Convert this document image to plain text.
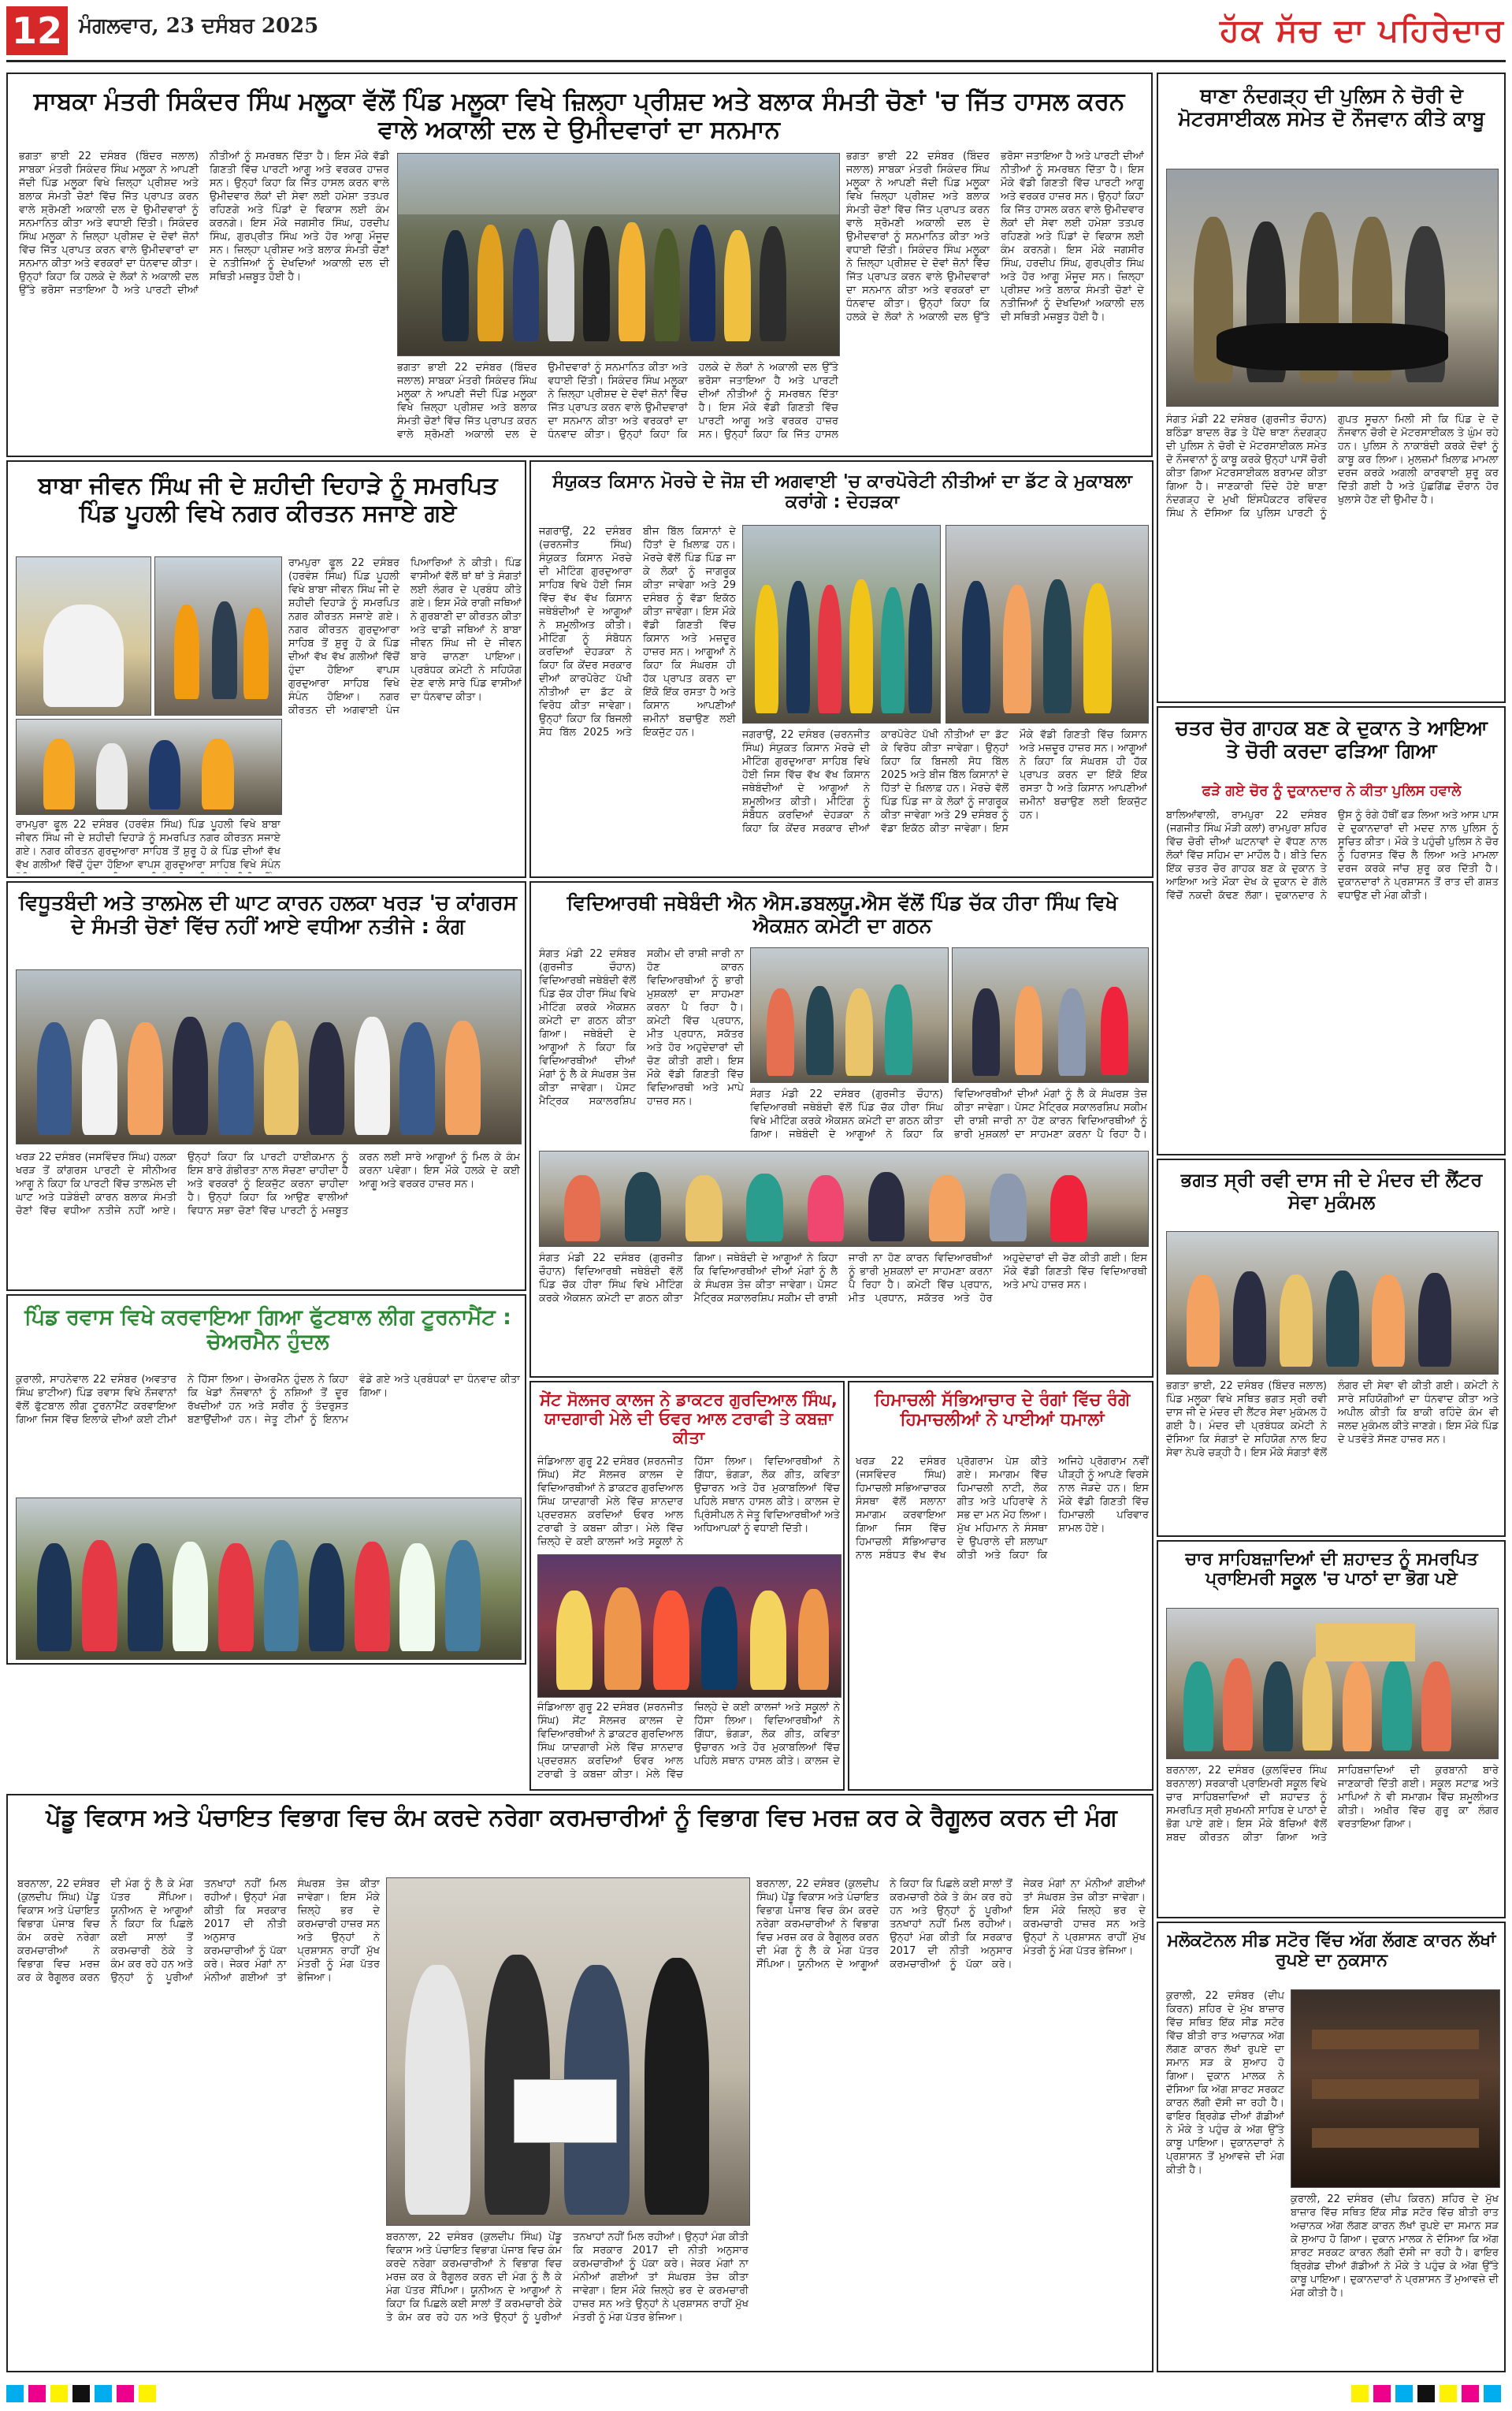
12 ਮੰਗਲਵਾਰ, 23 ਦਸੰਬਰ 2025	ਹੱਕ ਸੱਚ ਦਾ ਪਹਿਰੇਦਾਰ
ਸਾਬਕਾ ਮੰਤਰੀ ਸਿਕੰਦਰ ਸਿੰਘ ਮਲੂਕਾ ਵੱਲੋਂ ਪਿੰਡ ਮਲੂਕਾ ਵਿਖੇ ਜ਼ਿਲ੍ਹਾ ਪ੍ਰੀਸ਼ਦ ਅਤੇ ਬਲਾਕ ਸੰਮਤੀ ਚੋਣਾਂ 'ਚ ਜਿੱਤ ਹਾਸਲ ਕਰਨ ਵਾਲੇ ਅਕਾਲੀ ਦਲ ਦੇ ਉਮੀਦਵਾਰਾਂ ਦਾ ਸਨਮਾਨ
ਭਗਤਾ ਭਾਈ 22 ਦਸੰਬਰ (ਬਿੰਦਰ ਜਲਾਲ) ਸਾਬਕਾ ਮੰਤਰੀ ਸਿਕੰਦਰ ਸਿੰਘ ਮਲੂਕਾ ਨੇ ਆਪਣੀ ਜੱਦੀ ਪਿੰਡ ਮਲੂਕਾ ਵਿਖੇ ਜ਼ਿਲ੍ਹਾ ਪ੍ਰੀਸ਼ਦ ਅਤੇ ਬਲਾਕ ਸੰਮਤੀ ਚੋਣਾਂ ਵਿੱਚ ਜਿੱਤ ਪ੍ਰਾਪਤ ਕਰਨ ਵਾਲੇ ਸ਼੍ਰੋਮਣੀ ਅਕਾਲੀ ਦਲ ਦੇ ਉਮੀਦਵਾਰਾਂ ਨੂੰ ਸਨਮਾਨਿਤ ਕੀਤਾ ਅਤੇ ਵਧਾਈ ਦਿੱਤੀ। ਸਿਕੰਦਰ ਸਿੰਘ ਮਲੂਕਾ ਨੇ ਜ਼ਿਲ੍ਹਾ ਪ੍ਰੀਸ਼ਦ ਦੇ ਦੋਵਾਂ ਜ਼ੋਨਾਂ ਵਿੱਚ ਜਿੱਤ ਪ੍ਰਾਪਤ ਕਰਨ ਵਾਲੇ ਉਮੀਦਵਾਰਾਂ ਦਾ ਸਨਮਾਨ ਕੀਤਾ ਅਤੇ ਵਰਕਰਾਂ ਦਾ ਧੰਨਵਾਦ ਕੀਤਾ। ਉਨ੍ਹਾਂ ਕਿਹਾ ਕਿ ਹਲਕੇ ਦੇ ਲੋਕਾਂ ਨੇ ਅਕਾਲੀ ਦਲ ਉੱਤੇ ਭਰੋਸਾ ਜਤਾਇਆ ਹੈ ਅਤੇ ਪਾਰਟੀ ਦੀਆਂ ਨੀਤੀਆਂ ਨੂੰ ਸਮਰਥਨ ਦਿੱਤਾ ਹੈ। ਇਸ ਮੌਕੇ ਵੱਡੀ ਗਿਣਤੀ ਵਿੱਚ ਪਾਰਟੀ ਆਗੂ ਅਤੇ ਵਰਕਰ ਹਾਜ਼ਰ ਸਨ। ਉਨ੍ਹਾਂ ਕਿਹਾ ਕਿ ਜਿੱਤ ਹਾਸਲ ਕਰਨ ਵਾਲੇ ਉਮੀਦਵਾਰ ਲੋਕਾਂ ਦੀ ਸੇਵਾ ਲਈ ਹਮੇਸ਼ਾ ਤਤਪਰ ਰਹਿਣਗੇ ਅਤੇ ਪਿੰਡਾਂ ਦੇ ਵਿਕਾਸ ਲਈ ਕੰਮ ਕਰਨਗੇ। ਇਸ ਮੌਕੇ ਜਗਸੀਰ ਸਿੰਘ, ਹਰਦੀਪ ਸਿੰਘ, ਗੁਰਪ੍ਰੀਤ ਸਿੰਘ ਅਤੇ ਹੋਰ ਆਗੂ ਮੌਜੂਦ ਸਨ। ਜ਼ਿਲ੍ਹਾ ਪ੍ਰੀਸ਼ਦ ਅਤੇ ਬਲਾਕ ਸੰਮਤੀ ਚੋਣਾਂ ਦੇ ਨਤੀਜਿਆਂ ਨੂੰ ਦੇਖਦਿਆਂ ਅਕਾਲੀ ਦਲ ਦੀ ਸਥਿਤੀ ਮਜ਼ਬੂਤ ਹੋਈ ਹੈ।
ਭਗਤਾ ਭਾਈ 22 ਦਸੰਬਰ (ਬਿੰਦਰ ਜਲਾਲ) ਸਾਬਕਾ ਮੰਤਰੀ ਸਿਕੰਦਰ ਸਿੰਘ ਮਲੂਕਾ ਨੇ ਆਪਣੀ ਜੱਦੀ ਪਿੰਡ ਮਲੂਕਾ ਵਿਖੇ ਜ਼ਿਲ੍ਹਾ ਪ੍ਰੀਸ਼ਦ ਅਤੇ ਬਲਾਕ ਸੰਮਤੀ ਚੋਣਾਂ ਵਿੱਚ ਜਿੱਤ ਪ੍ਰਾਪਤ ਕਰਨ ਵਾਲੇ ਸ਼੍ਰੋਮਣੀ ਅਕਾਲੀ ਦਲ ਦੇ ਉਮੀਦਵਾਰਾਂ ਨੂੰ ਸਨਮਾਨਿਤ ਕੀਤਾ ਅਤੇ ਵਧਾਈ ਦਿੱਤੀ। ਸਿਕੰਦਰ ਸਿੰਘ ਮਲੂਕਾ ਨੇ ਜ਼ਿਲ੍ਹਾ ਪ੍ਰੀਸ਼ਦ ਦੇ ਦੋਵਾਂ ਜ਼ੋਨਾਂ ਵਿੱਚ ਜਿੱਤ ਪ੍ਰਾਪਤ ਕਰਨ ਵਾਲੇ ਉਮੀਦਵਾਰਾਂ ਦਾ ਸਨਮਾਨ ਕੀਤਾ ਅਤੇ ਵਰਕਰਾਂ ਦਾ ਧੰਨਵਾਦ ਕੀਤਾ। ਉਨ੍ਹਾਂ ਕਿਹਾ ਕਿ ਹਲਕੇ ਦੇ ਲੋਕਾਂ ਨੇ ਅਕਾਲੀ ਦਲ ਉੱਤੇ ਭਰੋਸਾ ਜਤਾਇਆ ਹੈ ਅਤੇ ਪਾਰਟੀ ਦੀਆਂ ਨੀਤੀਆਂ ਨੂੰ ਸਮਰਥਨ ਦਿੱਤਾ ਹੈ। ਇਸ ਮੌਕੇ ਵੱਡੀ ਗਿਣਤੀ ਵਿੱਚ ਪਾਰਟੀ ਆਗੂ ਅਤੇ ਵਰਕਰ ਹਾਜ਼ਰ ਸਨ। ਉਨ੍ਹਾਂ ਕਿਹਾ ਕਿ ਜਿੱਤ ਹਾਸਲ ਕਰਨ ਵਾਲੇ ਉਮੀਦਵਾਰ ਲੋਕਾਂ ਦੀ ਸੇਵਾ ਲਈ ਹਮੇਸ਼ਾ ਤਤਪਰ ਰਹਿਣਗੇ ਅਤੇ ਪਿੰਡਾਂ ਦੇ ਵਿਕਾਸ ਲਈ ਕੰਮ ਕਰਨਗੇ। ਇਸ ਮੌਕੇ ਜਗਸੀਰ ਸਿੰਘ, ਹਰਦੀਪ ਸਿੰਘ, ਗੁਰਪ੍ਰੀਤ ਸਿੰਘ ਅਤੇ ਹੋਰ ਆਗੂ ਮੌਜੂਦ ਸਨ। ਜ਼ਿਲ੍ਹਾ ਪ੍ਰੀਸ਼ਦ ਅਤੇ ਬਲਾਕ ਸੰਮਤੀ ਚੋਣਾਂ ਦੇ ਨਤੀਜਿਆਂ ਨੂੰ ਦੇਖਦਿਆਂ ਅਕਾਲੀ ਦਲ ਦੀ ਸਥਿਤੀ ਮਜ਼ਬੂਤ ਹੋਈ ਹੈ।
ਭਗਤਾ ਭਾਈ 22 ਦਸੰਬਰ (ਬਿੰਦਰ ਜਲਾਲ) ਸਾਬਕਾ ਮੰਤਰੀ ਸਿਕੰਦਰ ਸਿੰਘ ਮਲੂਕਾ ਨੇ ਆਪਣੀ ਜੱਦੀ ਪਿੰਡ ਮਲੂਕਾ ਵਿਖੇ ਜ਼ਿਲ੍ਹਾ ਪ੍ਰੀਸ਼ਦ ਅਤੇ ਬਲਾਕ ਸੰਮਤੀ ਚੋਣਾਂ ਵਿੱਚ ਜਿੱਤ ਪ੍ਰਾਪਤ ਕਰਨ ਵਾਲੇ ਸ਼੍ਰੋਮਣੀ ਅਕਾਲੀ ਦਲ ਦੇ ਉਮੀਦਵਾਰਾਂ ਨੂੰ ਸਨਮਾਨਿਤ ਕੀਤਾ ਅਤੇ ਵਧਾਈ ਦਿੱਤੀ। ਸਿਕੰਦਰ ਸਿੰਘ ਮਲੂਕਾ ਨੇ ਜ਼ਿਲ੍ਹਾ ਪ੍ਰੀਸ਼ਦ ਦੇ ਦੋਵਾਂ ਜ਼ੋਨਾਂ ਵਿੱਚ ਜਿੱਤ ਪ੍ਰਾਪਤ ਕਰਨ ਵਾਲੇ ਉਮੀਦਵਾਰਾਂ ਦਾ ਸਨਮਾਨ ਕੀਤਾ ਅਤੇ ਵਰਕਰਾਂ ਦਾ ਧੰਨਵਾਦ ਕੀਤਾ। ਉਨ੍ਹਾਂ ਕਿਹਾ ਕਿ ਹਲਕੇ ਦੇ ਲੋਕਾਂ ਨੇ ਅਕਾਲੀ ਦਲ ਉੱਤੇ ਭਰੋਸਾ ਜਤਾਇਆ ਹੈ ਅਤੇ ਪਾਰਟੀ ਦੀਆਂ ਨੀਤੀਆਂ ਨੂੰ ਸਮਰਥਨ ਦਿੱਤਾ ਹੈ। ਇਸ ਮੌਕੇ ਵੱਡੀ ਗਿਣਤੀ ਵਿੱਚ ਪਾਰਟੀ ਆਗੂ ਅਤੇ ਵਰਕਰ ਹਾਜ਼ਰ ਸਨ। ਉਨ੍ਹਾਂ ਕਿਹਾ ਕਿ ਜਿੱਤ ਹਾਸਲ
ਥਾਣਾ ਨੰਦਗੜ੍ਹ ਦੀ ਪੁਲਿਸ ਨੇ ਚੋਰੀ ਦੇ ਮੋਟਰਸਾਈਕਲ ਸਮੇਤ ਦੋ ਨੌਜਵਾਨ ਕੀਤੇ ਕਾਬੂ
ਸੰਗਤ ਮੰਡੀ 22 ਦਸੰਬਰ (ਗੁਰਜੀਤ ਚੌਹਾਨ) ਬਠਿੰਡਾ ਬਾਦਲ ਰੋਡ ਤੇ ਪੈਂਦੇ ਥਾਣਾ ਨੰਦਗੜ੍ਹ ਦੀ ਪੁਲਿਸ ਨੇ ਚੋਰੀ ਦੇ ਮੋਟਰਸਾਈਕਲ ਸਮੇਤ ਦੋ ਨੌਜਵਾਨਾਂ ਨੂੰ ਕਾਬੂ ਕਰਕੇ ਉਨ੍ਹਾਂ ਪਾਸੋਂ ਚੋਰੀ ਕੀਤਾ ਗਿਆ ਮੋਟਰਸਾਈਕਲ ਬਰਾਮਦ ਕੀਤਾ ਗਿਆ ਹੈ। ਜਾਣਕਾਰੀ ਦਿੰਦੇ ਹੋਏ ਥਾਣਾ ਨੰਦਗੜ੍ਹ ਦੇ ਮੁਖੀ ਇੰਸਪੈਕਟਰ ਰਵਿੰਦਰ ਸਿੰਘ ਨੇ ਦੱਸਿਆ ਕਿ ਪੁਲਿਸ ਪਾਰਟੀ ਨੂੰ ਗੁਪਤ ਸੂਚਨਾ ਮਿਲੀ ਸੀ ਕਿ ਪਿੰਡ ਦੇ ਦੋ ਨੌਜਵਾਨ ਚੋਰੀ ਦੇ ਮੋਟਰਸਾਈਕਲ ਤੇ ਘੁੰਮ ਰਹੇ ਹਨ। ਪੁਲਿਸ ਨੇ ਨਾਕਾਬੰਦੀ ਕਰਕੇ ਦੋਵਾਂ ਨੂੰ ਕਾਬੂ ਕਰ ਲਿਆ। ਮੁਲਜ਼ਮਾਂ ਖ਼ਿਲਾਫ਼ ਮਾਮਲਾ ਦਰਜ ਕਰਕੇ ਅਗਲੀ ਕਾਰਵਾਈ ਸ਼ੁਰੂ ਕਰ ਦਿੱਤੀ ਗਈ ਹੈ ਅਤੇ ਪੁੱਛਗਿੱਛ ਦੌਰਾਨ ਹੋਰ ਖੁਲਾਸੇ ਹੋਣ ਦੀ ਉਮੀਦ ਹੈ।
ਬਾਬਾ ਜੀਵਨ ਸਿੰਘ ਜੀ ਦੇ ਸ਼ਹੀਦੀ ਦਿਹਾੜੇ ਨੂੰ ਸਮਰਪਿਤ ਪਿੰਡ ਪੂਹਲੀ ਵਿਖੇ ਨਗਰ ਕੀਰਤਨ ਸਜਾਏ ਗਏ
ਰਾਮਪੁਰਾ ਫੂਲ 22 ਦਸੰਬਰ (ਹਰਵੰਸ਼ ਸਿੰਘ) ਪਿੰਡ ਪੂਹਲੀ ਵਿਖੇ ਬਾਬਾ ਜੀਵਨ ਸਿੰਘ ਜੀ ਦੇ ਸ਼ਹੀਦੀ ਦਿਹਾੜੇ ਨੂੰ ਸਮਰਪਿਤ ਨਗਰ ਕੀਰਤਨ ਸਜਾਏ ਗਏ। ਨਗਰ ਕੀਰਤਨ ਗੁਰਦੁਆਰਾ ਸਾਹਿਬ ਤੋਂ ਸ਼ੁਰੂ ਹੋ ਕੇ ਪਿੰਡ ਦੀਆਂ ਵੱਖ ਵੱਖ ਗਲੀਆਂ ਵਿੱਚੋਂ ਹੁੰਦਾ ਹੋਇਆ ਵਾਪਸ ਗੁਰਦੁਆਰਾ ਸਾਹਿਬ ਵਿਖੇ ਸੰਪੰਨ
ਰਾਮਪੁਰਾ ਫੂਲ 22 ਦਸੰਬਰ (ਹਰਵੰਸ਼ ਸਿੰਘ) ਪਿੰਡ ਪੂਹਲੀ ਵਿਖੇ ਬਾਬਾ ਜੀਵਨ ਸਿੰਘ ਜੀ ਦੇ ਸ਼ਹੀਦੀ ਦਿਹਾੜੇ ਨੂੰ ਸਮਰਪਿਤ ਨਗਰ ਕੀਰਤਨ ਸਜਾਏ ਗਏ। ਨਗਰ ਕੀਰਤਨ ਗੁਰਦੁਆਰਾ ਸਾਹਿਬ ਤੋਂ ਸ਼ੁਰੂ ਹੋ ਕੇ ਪਿੰਡ ਦੀਆਂ ਵੱਖ ਵੱਖ ਗਲੀਆਂ ਵਿੱਚੋਂ ਹੁੰਦਾ ਹੋਇਆ ਵਾਪਸ ਗੁਰਦੁਆਰਾ ਸਾਹਿਬ ਵਿਖੇ ਸੰਪੰਨ ਹੋਇਆ। ਨਗਰ ਕੀਰਤਨ ਦੀ ਅਗਵਾਈ ਪੰਜ ਪਿਆਰਿਆਂ ਨੇ ਕੀਤੀ। ਪਿੰਡ ਵਾਸੀਆਂ ਵੱਲੋਂ ਥਾਂ ਥਾਂ ਤੇ ਸੰਗਤਾਂ ਲਈ ਲੰਗਰ ਦੇ ਪ੍ਰਬੰਧ ਕੀਤੇ ਗਏ। ਇਸ ਮੌਕੇ ਰਾਗੀ ਜਥਿਆਂ ਨੇ ਗੁਰਬਾਣੀ ਦਾ ਕੀਰਤਨ ਕੀਤਾ ਅਤੇ ਢਾਡੀ ਜਥਿਆਂ ਨੇ ਬਾਬਾ ਜੀਵਨ ਸਿੰਘ ਜੀ ਦੇ ਜੀਵਨ ਬਾਰੇ ਚਾਨਣਾ ਪਾਇਆ। ਪ੍ਰਬੰਧਕ ਕਮੇਟੀ ਨੇ ਸਹਿਯੋਗ ਦੇਣ ਵਾਲੇ ਸਾਰੇ ਪਿੰਡ ਵਾਸੀਆਂ ਦਾ ਧੰਨਵਾਦ ਕੀਤਾ।
ਸੰਯੁਕਤ ਕਿਸਾਨ ਮੋਰਚੇ ਦੇ ਜੋਸ਼ ਦੀ ਅਗਵਾਈ 'ਚ ਕਾਰਪੋਰੇਟੀ ਨੀਤੀਆਂ ਦਾ ਡੱਟ ਕੇ ਮੁਕਾਬਲਾ ਕਰਾਂਗੇ : ਦੇਹੜਕਾ
ਜਗਰਾਉਂ, 22 ਦਸੰਬਰ (ਚਰਨਜੀਤ ਸਿੰਘ) ਸੰਯੁਕਤ ਕਿਸਾਨ ਮੋਰਚੇ ਦੀ ਮੀਟਿੰਗ ਗੁਰਦੁਆਰਾ ਸਾਹਿਬ ਵਿਖੇ ਹੋਈ ਜਿਸ ਵਿੱਚ ਵੱਖ ਵੱਖ ਕਿਸਾਨ ਜਥੇਬੰਦੀਆਂ ਦੇ ਆਗੂਆਂ ਨੇ ਸ਼ਮੂਲੀਅਤ ਕੀਤੀ। ਮੀਟਿੰਗ ਨੂੰ ਸੰਬੋਧਨ ਕਰਦਿਆਂ ਦੇਹੜਕਾ ਨੇ ਕਿਹਾ ਕਿ ਕੇਂਦਰ ਸਰਕਾਰ ਦੀਆਂ ਕਾਰਪੋਰੇਟ ਪੱਖੀ ਨੀਤੀਆਂ ਦਾ ਡੱਟ ਕੇ ਵਿਰੋਧ ਕੀਤਾ ਜਾਵੇਗਾ। ਉਨ੍ਹਾਂ ਕਿਹਾ ਕਿ ਬਿਜਲੀ ਸੋਧ ਬਿੱਲ 2025 ਅਤੇ ਬੀਜ ਬਿੱਲ ਕਿਸਾਨਾਂ ਦੇ ਹਿੱਤਾਂ ਦੇ ਖ਼ਿਲਾਫ਼ ਹਨ। ਮੋਰਚੇ ਵੱਲੋਂ ਪਿੰਡ ਪਿੰਡ ਜਾ ਕੇ ਲੋਕਾਂ ਨੂੰ ਜਾਗਰੂਕ ਕੀਤਾ ਜਾਵੇਗਾ ਅਤੇ 29 ਦਸੰਬਰ ਨੂੰ ਵੱਡਾ ਇਕੱਠ ਕੀਤਾ ਜਾਵੇਗਾ। ਇਸ ਮੌਕੇ ਵੱਡੀ ਗਿਣਤੀ ਵਿੱਚ ਕਿਸਾਨ ਅਤੇ ਮਜ਼ਦੂਰ ਹਾਜ਼ਰ ਸਨ। ਆਗੂਆਂ ਨੇ ਕਿਹਾ ਕਿ ਸੰਘਰਸ਼ ਹੀ ਹੱਕ ਪ੍ਰਾਪਤ ਕਰਨ ਦਾ ਇੱਕੋ ਇੱਕ ਰਸਤਾ ਹੈ ਅਤੇ ਕਿਸਾਨ ਆਪਣੀਆਂ ਜ਼ਮੀਨਾਂ ਬਚਾਉਣ ਲਈ ਇਕਜੁੱਟ ਹਨ।	ਜਗਰਾਉਂ, 22 ਦਸੰਬਰ (ਚਰਨਜੀਤ ਸਿੰਘ) ਸੰਯੁਕਤ ਕਿਸਾਨ ਮੋਰਚੇ ਦੀ ਮੀਟਿੰਗ ਗੁਰਦੁਆਰਾ ਸਾਹਿਬ ਵਿਖੇ ਹੋਈ ਜਿਸ ਵਿੱਚ ਵੱਖ ਵੱਖ ਕਿਸਾਨ ਜਥੇਬੰਦੀਆਂ ਦੇ ਆਗੂਆਂ ਨੇ ਸ਼ਮੂਲੀਅਤ ਕੀਤੀ। ਮੀਟਿੰਗ ਨੂੰ ਸੰਬੋਧਨ ਕਰਦਿਆਂ ਦੇਹੜਕਾ ਨੇ ਕਿਹਾ ਕਿ ਕੇਂਦਰ ਸਰਕਾਰ ਦੀਆਂ ਕਾਰਪੋਰੇਟ ਪੱਖੀ ਨੀਤੀਆਂ ਦਾ ਡੱਟ ਕੇ ਵਿਰੋਧ ਕੀਤਾ ਜਾਵੇਗਾ। ਉਨ੍ਹਾਂ ਕਿਹਾ ਕਿ ਬਿਜਲੀ ਸੋਧ ਬਿੱਲ 2025 ਅਤੇ ਬੀਜ ਬਿੱਲ ਕਿਸਾਨਾਂ ਦੇ ਹਿੱਤਾਂ ਦੇ ਖ਼ਿਲਾਫ਼ ਹਨ। ਮੋਰਚੇ ਵੱਲੋਂ ਪਿੰਡ ਪਿੰਡ ਜਾ ਕੇ ਲੋਕਾਂ ਨੂੰ ਜਾਗਰੂਕ ਕੀਤਾ ਜਾਵੇਗਾ ਅਤੇ 29 ਦਸੰਬਰ ਨੂੰ ਵੱਡਾ ਇਕੱਠ ਕੀਤਾ ਜਾਵੇਗਾ। ਇਸ ਮੌਕੇ ਵੱਡੀ ਗਿਣਤੀ ਵਿੱਚ ਕਿਸਾਨ ਅਤੇ ਮਜ਼ਦੂਰ ਹਾਜ਼ਰ ਸਨ। ਆਗੂਆਂ ਨੇ ਕਿਹਾ ਕਿ ਸੰਘਰਸ਼ ਹੀ ਹੱਕ ਪ੍ਰਾਪਤ ਕਰਨ ਦਾ ਇੱਕੋ ਇੱਕ ਰਸਤਾ ਹੈ ਅਤੇ ਕਿਸਾਨ ਆਪਣੀਆਂ ਜ਼ਮੀਨਾਂ ਬਚਾਉਣ ਲਈ ਇਕਜੁੱਟ ਹਨ।
ਚਤਰ ਚੋਰ ਗਾਹਕ ਬਣ ਕੇ ਦੁਕਾਨ ਤੇ ਆਇਆ ਤੇ ਚੋਰੀ ਕਰਦਾ ਫੜਿਆ ਗਿਆ
ਫੜੇ ਗਏ ਚੋਰ ਨੂੰ ਦੁਕਾਨਦਾਰ ਨੇ ਕੀਤਾ ਪੁਲਿਸ ਹਵਾਲੇ
ਬਾਲਿਆਂਵਾਲੀ, ਰਾਮਪੁਰਾ 22 ਦਸੰਬਰ (ਜਗਜੀਤ ਸਿੰਘ ਮੌੜੀ ਕਲਾਂ) ਰਾਮਪੁਰਾ ਸ਼ਹਿਰ ਵਿੱਚ ਚੋਰੀ ਦੀਆਂ ਘਟਨਾਵਾਂ ਦੇ ਵੱਧਣ ਨਾਲ ਲੋਕਾਂ ਵਿੱਚ ਸਹਿਮ ਦਾ ਮਾਹੌਲ ਹੈ। ਬੀਤੇ ਦਿਨ ਇੱਕ ਚਤਰ ਚੋਰ ਗਾਹਕ ਬਣ ਕੇ ਦੁਕਾਨ ਤੇ ਆਇਆ ਅਤੇ ਮੌਕਾ ਦੇਖ ਕੇ ਦੁਕਾਨ ਦੇ ਗੱਲੇ ਵਿੱਚੋਂ ਨਕਦੀ ਕੱਢਣ ਲੱਗਾ। ਦੁਕਾਨਦਾਰ ਨੇ ਉਸ ਨੂੰ ਰੰਗੇ ਹੱਥੀਂ ਫੜ ਲਿਆ ਅਤੇ ਆਸ ਪਾਸ ਦੇ ਦੁਕਾਨਦਾਰਾਂ ਦੀ ਮਦਦ ਨਾਲ ਪੁਲਿਸ ਨੂੰ ਸੂਚਿਤ ਕੀਤਾ। ਮੌਕੇ ਤੇ ਪਹੁੰਚੀ ਪੁਲਿਸ ਨੇ ਚੋਰ ਨੂੰ ਹਿਰਾਸਤ ਵਿੱਚ ਲੈ ਲਿਆ ਅਤੇ ਮਾਮਲਾ ਦਰਜ ਕਰਕੇ ਜਾਂਚ ਸ਼ੁਰੂ ਕਰ ਦਿੱਤੀ ਹੈ। ਦੁਕਾਨਦਾਰਾਂ ਨੇ ਪ੍ਰਸ਼ਾਸਨ ਤੋਂ ਰਾਤ ਦੀ ਗਸ਼ਤ ਵਧਾਉਣ ਦੀ ਮੰਗ ਕੀਤੀ।
ਭਗਤ ਸ੍ਰੀ ਰਵੀ ਦਾਸ ਜੀ ਦੇ ਮੰਦਰ ਦੀ ਲੈਂਟਰ ਸੇਵਾ ਮੁਕੰਮਲ
ਭਗਤਾ ਭਾਈ, 22 ਦਸੰਬਰ (ਬਿੰਦਰ ਜਲਾਲ) ਪਿੰਡ ਮਲੂਕਾ ਵਿਖੇ ਸਥਿਤ ਭਗਤ ਸ੍ਰੀ ਰਵੀ ਦਾਸ ਜੀ ਦੇ ਮੰਦਰ ਦੀ ਲੈਂਟਰ ਸੇਵਾ ਮੁਕੰਮਲ ਹੋ ਗਈ ਹੈ। ਮੰਦਰ ਦੀ ਪ੍ਰਬੰਧਕ ਕਮੇਟੀ ਨੇ ਦੱਸਿਆ ਕਿ ਸੰਗਤਾਂ ਦੇ ਸਹਿਯੋਗ ਨਾਲ ਇਹ ਸੇਵਾ ਨੇਪਰੇ ਚੜ੍ਹੀ ਹੈ। ਇਸ ਮੌਕੇ ਸੰਗਤਾਂ ਵੱਲੋਂ ਲੰਗਰ ਦੀ ਸੇਵਾ ਵੀ ਕੀਤੀ ਗਈ। ਕਮੇਟੀ ਨੇ ਸਾਰੇ ਸਹਿਯੋਗੀਆਂ ਦਾ ਧੰਨਵਾਦ ਕੀਤਾ ਅਤੇ ਅਪੀਲ ਕੀਤੀ ਕਿ ਬਾਕੀ ਰਹਿੰਦੇ ਕੰਮ ਵੀ ਜਲਦ ਮੁਕੰਮਲ ਕੀਤੇ ਜਾਣਗੇ। ਇਸ ਮੌਕੇ ਪਿੰਡ ਦੇ ਪਤਵੰਤੇ ਸੱਜਣ ਹਾਜ਼ਰ ਸਨ।
ਵਿਧੂਤਬੰਦੀ ਅਤੇ ਤਾਲਮੇਲ ਦੀ ਘਾਟ ਕਾਰਨ ਹਲਕਾ ਖਰੜ 'ਚ ਕਾਂਗਰਸ ਦੇ ਸੰਮਤੀ ਚੋਣਾਂ ਵਿੱਚ ਨਹੀਂ ਆਏ ਵਧੀਆ ਨਤੀਜੇ : ਕੰਗ
ਖਰੜ 22 ਦਸੰਬਰ (ਜਸਵਿੰਦਰ ਸਿੰਘ) ਹਲਕਾ ਖਰੜ ਤੋਂ ਕਾਂਗਰਸ ਪਾਰਟੀ ਦੇ ਸੀਨੀਅਰ ਆਗੂ ਨੇ ਕਿਹਾ ਕਿ ਪਾਰਟੀ ਵਿੱਚ ਤਾਲਮੇਲ ਦੀ ਘਾਟ ਅਤੇ ਧੜੇਬੰਦੀ ਕਾਰਨ ਬਲਾਕ ਸੰਮਤੀ ਚੋਣਾਂ ਵਿੱਚ ਵਧੀਆ ਨਤੀਜੇ ਨਹੀਂ ਆਏ। ਉਨ੍ਹਾਂ ਕਿਹਾ ਕਿ ਪਾਰਟੀ ਹਾਈਕਮਾਨ ਨੂੰ ਇਸ ਬਾਰੇ ਗੰਭੀਰਤਾ ਨਾਲ ਸੋਚਣਾ ਚਾਹੀਦਾ ਹੈ ਅਤੇ ਵਰਕਰਾਂ ਨੂੰ ਇਕਜੁੱਟ ਕਰਨਾ ਚਾਹੀਦਾ ਹੈ। ਉਨ੍ਹਾਂ ਕਿਹਾ ਕਿ ਆਉਣ ਵਾਲੀਆਂ ਵਿਧਾਨ ਸਭਾ ਚੋਣਾਂ ਵਿੱਚ ਪਾਰਟੀ ਨੂੰ ਮਜ਼ਬੂਤ ਕਰਨ ਲਈ ਸਾਰੇ ਆਗੂਆਂ ਨੂੰ ਮਿਲ ਕੇ ਕੰਮ ਕਰਨਾ ਪਵੇਗਾ। ਇਸ ਮੌਕੇ ਹਲਕੇ ਦੇ ਕਈ ਆਗੂ ਅਤੇ ਵਰਕਰ ਹਾਜ਼ਰ ਸਨ।
ਵਿਦਿਆਰਥੀ ਜਥੇਬੰਦੀ ਐਨ ਐਸ.ਡਬਲਯੂ.ਐਸ ਵੱਲੋਂ ਪਿੰਡ ਚੱਕ ਹੀਰਾ ਸਿੰਘ ਵਿਖੇ ਐਕਸ਼ਨ ਕਮੇਟੀ ਦਾ ਗਠਨ
ਸੰਗਤ ਮੰਡੀ 22 ਦਸੰਬਰ (ਗੁਰਜੀਤ ਚੌਹਾਨ) ਵਿਦਿਆਰਥੀ ਜਥੇਬੰਦੀ ਵੱਲੋਂ ਪਿੰਡ ਚੱਕ ਹੀਰਾ ਸਿੰਘ ਵਿਖੇ ਮੀਟਿੰਗ ਕਰਕੇ ਐਕਸ਼ਨ ਕਮੇਟੀ ਦਾ ਗਠਨ ਕੀਤਾ ਗਿਆ। ਜਥੇਬੰਦੀ ਦੇ ਆਗੂਆਂ ਨੇ ਕਿਹਾ ਕਿ ਵਿਦਿਆਰਥੀਆਂ ਦੀਆਂ ਮੰਗਾਂ ਨੂੰ ਲੈ ਕੇ ਸੰਘਰਸ਼ ਤੇਜ਼ ਕੀਤਾ ਜਾਵੇਗਾ। ਪੋਸਟ ਮੈਟ੍ਰਿਕ ਸਕਾਲਰਸ਼ਿਪ ਸਕੀਮ ਦੀ ਰਾਸ਼ੀ ਜਾਰੀ ਨਾ ਹੋਣ ਕਾਰਨ ਵਿਦਿਆਰਥੀਆਂ ਨੂੰ ਭਾਰੀ ਮੁਸ਼ਕਲਾਂ ਦਾ ਸਾਹਮਣਾ ਕਰਨਾ ਪੈ ਰਿਹਾ ਹੈ। ਕਮੇਟੀ ਵਿੱਚ ਪ੍ਰਧਾਨ, ਮੀਤ ਪ੍ਰਧਾਨ, ਸਕੱਤਰ ਅਤੇ ਹੋਰ ਅਹੁਦੇਦਾਰਾਂ ਦੀ ਚੋਣ ਕੀਤੀ ਗਈ। ਇਸ ਮੌਕੇ ਵੱਡੀ ਗਿਣਤੀ ਵਿੱਚ ਵਿਦਿਆਰਥੀ ਅਤੇ ਮਾਪੇ ਹਾਜ਼ਰ ਸਨ।
ਸੰਗਤ ਮੰਡੀ 22 ਦਸੰਬਰ (ਗੁਰਜੀਤ ਚੌਹਾਨ) ਵਿਦਿਆਰਥੀ ਜਥੇਬੰਦੀ ਵੱਲੋਂ ਪਿੰਡ ਚੱਕ ਹੀਰਾ ਸਿੰਘ ਵਿਖੇ ਮੀਟਿੰਗ ਕਰਕੇ ਐਕਸ਼ਨ ਕਮੇਟੀ ਦਾ ਗਠਨ ਕੀਤਾ ਗਿਆ। ਜਥੇਬੰਦੀ ਦੇ ਆਗੂਆਂ ਨੇ ਕਿਹਾ ਕਿ ਵਿਦਿਆਰਥੀਆਂ ਦੀਆਂ ਮੰਗਾਂ ਨੂੰ ਲੈ ਕੇ ਸੰਘਰਸ਼ ਤੇਜ਼ ਕੀਤਾ ਜਾਵੇਗਾ। ਪੋਸਟ ਮੈਟ੍ਰਿਕ ਸਕਾਲਰਸ਼ਿਪ ਸਕੀਮ ਦੀ ਰਾਸ਼ੀ ਜਾਰੀ ਨਾ ਹੋਣ ਕਾਰਨ ਵਿਦਿਆਰਥੀਆਂ ਨੂੰ ਭਾਰੀ ਮੁਸ਼ਕਲਾਂ ਦਾ ਸਾਹਮਣਾ ਕਰਨਾ ਪੈ ਰਿਹਾ ਹੈ।
ਸੰਗਤ ਮੰਡੀ 22 ਦਸੰਬਰ (ਗੁਰਜੀਤ ਚੌਹਾਨ) ਵਿਦਿਆਰਥੀ ਜਥੇਬੰਦੀ ਵੱਲੋਂ ਪਿੰਡ ਚੱਕ ਹੀਰਾ ਸਿੰਘ ਵਿਖੇ ਮੀਟਿੰਗ ਕਰਕੇ ਐਕਸ਼ਨ ਕਮੇਟੀ ਦਾ ਗਠਨ ਕੀਤਾ ਗਿਆ। ਜਥੇਬੰਦੀ ਦੇ ਆਗੂਆਂ ਨੇ ਕਿਹਾ ਕਿ ਵਿਦਿਆਰਥੀਆਂ ਦੀਆਂ ਮੰਗਾਂ ਨੂੰ ਲੈ ਕੇ ਸੰਘਰਸ਼ ਤੇਜ਼ ਕੀਤਾ ਜਾਵੇਗਾ। ਪੋਸਟ ਮੈਟ੍ਰਿਕ ਸਕਾਲਰਸ਼ਿਪ ਸਕੀਮ ਦੀ ਰਾਸ਼ੀ ਜਾਰੀ ਨਾ ਹੋਣ ਕਾਰਨ ਵਿਦਿਆਰਥੀਆਂ ਨੂੰ ਭਾਰੀ ਮੁਸ਼ਕਲਾਂ ਦਾ ਸਾਹਮਣਾ ਕਰਨਾ ਪੈ ਰਿਹਾ ਹੈ। ਕਮੇਟੀ ਵਿੱਚ ਪ੍ਰਧਾਨ, ਮੀਤ ਪ੍ਰਧਾਨ, ਸਕੱਤਰ ਅਤੇ ਹੋਰ ਅਹੁਦੇਦਾਰਾਂ ਦੀ ਚੋਣ ਕੀਤੀ ਗਈ। ਇਸ ਮੌਕੇ ਵੱਡੀ ਗਿਣਤੀ ਵਿੱਚ ਵਿਦਿਆਰਥੀ ਅਤੇ ਮਾਪੇ ਹਾਜ਼ਰ ਸਨ।
ਪਿੰਡ ਰਵਾਸ ਵਿਖੇ ਕਰਵਾਇਆ ਗਿਆ ਫੁੱਟਬਾਲ ਲੀਗ ਟੂਰਨਾਮੈਂਟ : ਚੇਅਰਮੈਨ ਹੁੰਦਲ
ਕੁਰਾਲੀ, ਸਾਹਨੇਵਾਲ 22 ਦਸੰਬਰ (ਅਵਤਾਰ ਸਿੰਘ ਭਾਟੀਆ) ਪਿੰਡ ਰਵਾਸ ਵਿਖੇ ਨੌਜਵਾਨਾਂ ਵੱਲੋਂ ਫੁੱਟਬਾਲ ਲੀਗ ਟੂਰਨਾਮੈਂਟ ਕਰਵਾਇਆ ਗਿਆ ਜਿਸ ਵਿੱਚ ਇਲਾਕੇ ਦੀਆਂ ਕਈ ਟੀਮਾਂ ਨੇ ਹਿੱਸਾ ਲਿਆ। ਚੇਅਰਮੈਨ ਹੁੰਦਲ ਨੇ ਕਿਹਾ ਕਿ ਖੇਡਾਂ ਨੌਜਵਾਨਾਂ ਨੂੰ ਨਸ਼ਿਆਂ ਤੋਂ ਦੂਰ ਰੱਖਦੀਆਂ ਹਨ ਅਤੇ ਸਰੀਰ ਨੂੰ ਤੰਦਰੁਸਤ ਬਣਾਉਂਦੀਆਂ ਹਨ। ਜੇਤੂ ਟੀਮਾਂ ਨੂੰ ਇਨਾਮ ਵੰਡੇ ਗਏ ਅਤੇ ਪ੍ਰਬੰਧਕਾਂ ਦਾ ਧੰਨਵਾਦ ਕੀਤਾ ਗਿਆ।	ਸੇਂਟ ਸੋਲਜਰ ਕਾਲਜ ਨੇ ਡਾਕਟਰ ਗੁਰਦਿਆਲ ਸਿੰਘ, ਯਾਦਗਾਰੀ ਮੇਲੇ ਦੀ ਓਵਰ ਆਲ ਟਰਾਫੀ ਤੇ ਕਬਜ਼ਾ ਕੀਤਾ
ਜੰਡਿਆਲਾ ਗੁਰੂ 22 ਦਸੰਬਰ (ਸ਼ਰਨਜੀਤ ਸਿੰਘ) ਸੇਂਟ ਸੋਲਜਰ ਕਾਲਜ ਦੇ ਵਿਦਿਆਰਥੀਆਂ ਨੇ ਡਾਕਟਰ ਗੁਰਦਿਆਲ ਸਿੰਘ ਯਾਦਗਾਰੀ ਮੇਲੇ ਵਿੱਚ ਸ਼ਾਨਦਾਰ ਪ੍ਰਦਰਸ਼ਨ ਕਰਦਿਆਂ ਓਵਰ ਆਲ ਟਰਾਫੀ ਤੇ ਕਬਜ਼ਾ ਕੀਤਾ। ਮੇਲੇ ਵਿੱਚ ਜ਼ਿਲ੍ਹੇ ਦੇ ਕਈ ਕਾਲਜਾਂ ਅਤੇ ਸਕੂਲਾਂ ਨੇ ਹਿੱਸਾ ਲਿਆ। ਵਿਦਿਆਰਥੀਆਂ ਨੇ ਗਿੱਧਾ, ਭੰਗੜਾ, ਲੋਕ ਗੀਤ, ਕਵਿਤਾ ਉਚਾਰਨ ਅਤੇ ਹੋਰ ਮੁਕਾਬਲਿਆਂ ਵਿੱਚ ਪਹਿਲੇ ਸਥਾਨ ਹਾਸਲ ਕੀਤੇ। ਕਾਲਜ ਦੇ ਪ੍ਰਿੰਸੀਪਲ ਨੇ ਜੇਤੂ ਵਿਦਿਆਰਥੀਆਂ ਅਤੇ ਅਧਿਆਪਕਾਂ ਨੂੰ ਵਧਾਈ ਦਿੱਤੀ।
ਜੰਡਿਆਲਾ ਗੁਰੂ 22 ਦਸੰਬਰ (ਸ਼ਰਨਜੀਤ ਸਿੰਘ) ਸੇਂਟ ਸੋਲਜਰ ਕਾਲਜ ਦੇ ਵਿਦਿਆਰਥੀਆਂ ਨੇ ਡਾਕਟਰ ਗੁਰਦਿਆਲ ਸਿੰਘ ਯਾਦਗਾਰੀ ਮੇਲੇ ਵਿੱਚ ਸ਼ਾਨਦਾਰ ਪ੍ਰਦਰਸ਼ਨ ਕਰਦਿਆਂ ਓਵਰ ਆਲ ਟਰਾਫੀ ਤੇ ਕਬਜ਼ਾ ਕੀਤਾ। ਮੇਲੇ ਵਿੱਚ ਜ਼ਿਲ੍ਹੇ ਦੇ ਕਈ ਕਾਲਜਾਂ ਅਤੇ ਸਕੂਲਾਂ ਨੇ ਹਿੱਸਾ ਲਿਆ। ਵਿਦਿਆਰਥੀਆਂ ਨੇ ਗਿੱਧਾ, ਭੰਗੜਾ, ਲੋਕ ਗੀਤ, ਕਵਿਤਾ ਉਚਾਰਨ ਅਤੇ ਹੋਰ ਮੁਕਾਬਲਿਆਂ ਵਿੱਚ ਪਹਿਲੇ ਸਥਾਨ ਹਾਸਲ ਕੀਤੇ। ਕਾਲਜ ਦੇ
ਹਿਮਾਚਲੀ ਸੱਭਿਆਚਾਰ ਦੇ ਰੰਗਾਂ ਵਿੱਚ ਰੰਗੇ ਹਿਮਾਚਲੀਆਂ ਨੇ ਪਾਈਆਂ ਧਮਾਲਾਂ
ਖਰੜ 22 ਦਸੰਬਰ (ਜਸਵਿੰਦਰ ਸਿੰਘ) ਹਿਮਾਚਲੀ ਸਭਿਆਚਾਰਕ ਸੰਸਥਾ ਵੱਲੋਂ ਸਲਾਨਾ ਸਮਾਗਮ ਕਰਵਾਇਆ ਗਿਆ ਜਿਸ ਵਿੱਚ ਹਿਮਾਚਲੀ ਸੱਭਿਆਚਾਰ ਨਾਲ ਸਬੰਧਤ ਵੱਖ ਵੱਖ ਪ੍ਰੋਗਰਾਮ ਪੇਸ਼ ਕੀਤੇ ਗਏ। ਸਮਾਗਮ ਵਿੱਚ ਹਿਮਾਚਲੀ ਨਾਟੀ, ਲੋਕ ਗੀਤ ਅਤੇ ਪਹਿਰਾਵੇ ਨੇ ਸਭ ਦਾ ਮਨ ਮੋਹ ਲਿਆ। ਮੁੱਖ ਮਹਿਮਾਨ ਨੇ ਸੰਸਥਾ ਦੇ ਉਪਰਾਲੇ ਦੀ ਸ਼ਲਾਘਾ ਕੀਤੀ ਅਤੇ ਕਿਹਾ ਕਿ ਅਜਿਹੇ ਪ੍ਰੋਗਰਾਮ ਨਵੀਂ ਪੀੜ੍ਹੀ ਨੂੰ ਆਪਣੇ ਵਿਰਸੇ ਨਾਲ ਜੋੜਦੇ ਹਨ। ਇਸ ਮੌਕੇ ਵੱਡੀ ਗਿਣਤੀ ਵਿੱਚ ਹਿਮਾਚਲੀ ਪਰਿਵਾਰ ਸ਼ਾਮਲ ਹੋਏ।
ਚਾਰ ਸਾਹਿਬਜ਼ਾਦਿਆਂ ਦੀ ਸ਼ਹਾਦਤ ਨੂੰ ਸਮਰਪਿਤ ਪ੍ਰਾਇਮਰੀ ਸਕੂਲ 'ਚ ਪਾਠਾਂ ਦਾ ਭੋਗ ਪਏ
ਬਰਨਾਲਾ, 22 ਦਸੰਬਰ (ਕੁਲਵਿੰਦਰ ਸਿੰਘ ਬਰਨਾਲਾ) ਸਰਕਾਰੀ ਪ੍ਰਾਇਮਰੀ ਸਕੂਲ ਵਿਖੇ ਚਾਰ ਸਾਹਿਬਜ਼ਾਦਿਆਂ ਦੀ ਸ਼ਹਾਦਤ ਨੂੰ ਸਮਰਪਿਤ ਸ੍ਰੀ ਸੁਖਮਨੀ ਸਾਹਿਬ ਦੇ ਪਾਠਾਂ ਦੇ ਭੋਗ ਪਾਏ ਗਏ। ਇਸ ਮੌਕੇ ਬੱਚਿਆਂ ਵੱਲੋਂ ਸ਼ਬਦ ਕੀਰਤਨ ਕੀਤਾ ਗਿਆ ਅਤੇ ਸਾਹਿਬਜ਼ਾਦਿਆਂ ਦੀ ਕੁਰਬਾਨੀ ਬਾਰੇ ਜਾਣਕਾਰੀ ਦਿੱਤੀ ਗਈ। ਸਕੂਲ ਸਟਾਫ਼ ਅਤੇ ਮਾਪਿਆਂ ਨੇ ਵੀ ਸਮਾਗਮ ਵਿੱਚ ਸ਼ਮੂਲੀਅਤ ਕੀਤੀ। ਅਖ਼ੀਰ ਵਿੱਚ ਗੁਰੂ ਕਾ ਲੰਗਰ ਵਰਤਾਇਆ ਗਿਆ।
ਮਲੋਕਟੋਨਲ ਸੀਡ ਸਟੋਰ ਵਿੱਚ ਅੱਗ ਲੱਗਣ ਕਾਰਨ ਲੱਖਾਂ ਰੁਪਏ ਦਾ ਨੁਕਸਾਨ
ਕੁਰਾਲੀ, 22 ਦਸੰਬਰ (ਦੀਪ ਕਿਰਨ) ਸ਼ਹਿਰ ਦੇ ਮੁੱਖ ਬਾਜ਼ਾਰ ਵਿੱਚ ਸਥਿਤ ਇੱਕ ਸੀਡ ਸਟੋਰ ਵਿੱਚ ਬੀਤੀ ਰਾਤ ਅਚਾਨਕ ਅੱਗ ਲੱਗਣ ਕਾਰਨ ਲੱਖਾਂ ਰੁਪਏ ਦਾ ਸਮਾਨ ਸੜ ਕੇ ਸੁਆਹ ਹੋ ਗਿਆ। ਦੁਕਾਨ ਮਾਲਕ ਨੇ ਦੱਸਿਆ ਕਿ ਅੱਗ ਸ਼ਾਰਟ ਸਰਕਟ ਕਾਰਨ ਲੱਗੀ ਦੱਸੀ ਜਾ ਰਹੀ ਹੈ। ਫਾਇਰ ਬ੍ਰਿਗੇਡ ਦੀਆਂ ਗੱਡੀਆਂ ਨੇ ਮੌਕੇ ਤੇ ਪਹੁੰਚ ਕੇ ਅੱਗ ਉੱਤੇ ਕਾਬੂ ਪਾਇਆ। ਦੁਕਾਨਦਾਰਾਂ ਨੇ ਪ੍ਰਸ਼ਾਸਨ ਤੋਂ ਮੁਆਵਜ਼ੇ ਦੀ ਮੰਗ ਕੀਤੀ ਹੈ।
ਕੁਰਾਲੀ, 22 ਦਸੰਬਰ (ਦੀਪ ਕਿਰਨ) ਸ਼ਹਿਰ ਦੇ ਮੁੱਖ ਬਾਜ਼ਾਰ ਵਿੱਚ ਸਥਿਤ ਇੱਕ ਸੀਡ ਸਟੋਰ ਵਿੱਚ ਬੀਤੀ ਰਾਤ ਅਚਾਨਕ ਅੱਗ ਲੱਗਣ ਕਾਰਨ ਲੱਖਾਂ ਰੁਪਏ ਦਾ ਸਮਾਨ ਸੜ ਕੇ ਸੁਆਹ ਹੋ ਗਿਆ। ਦੁਕਾਨ ਮਾਲਕ ਨੇ ਦੱਸਿਆ ਕਿ ਅੱਗ ਸ਼ਾਰਟ ਸਰਕਟ ਕਾਰਨ ਲੱਗੀ ਦੱਸੀ ਜਾ ਰਹੀ ਹੈ। ਫਾਇਰ ਬ੍ਰਿਗੇਡ ਦੀਆਂ ਗੱਡੀਆਂ ਨੇ ਮੌਕੇ ਤੇ ਪਹੁੰਚ ਕੇ ਅੱਗ ਉੱਤੇ ਕਾਬੂ ਪਾਇਆ। ਦੁਕਾਨਦਾਰਾਂ ਨੇ ਪ੍ਰਸ਼ਾਸਨ ਤੋਂ ਮੁਆਵਜ਼ੇ ਦੀ ਮੰਗ ਕੀਤੀ ਹੈ।
ਪੇਂਡੂ ਵਿਕਾਸ ਅਤੇ ਪੰਚਾਇਤ ਵਿਭਾਗ ਵਿਚ ਕੰਮ ਕਰਦੇ ਨਰੇਗਾ ਕਰਮਚਾਰੀਆਂ ਨੂੰ ਵਿਭਾਗ ਵਿਚ ਮਰਜ਼ ਕਰ ਕੇ ਰੈਗੂਲਰ ਕਰਨ ਦੀ ਮੰਗ
ਬਰਨਾਲਾ, 22 ਦਸੰਬਰ (ਕੁਲਦੀਪ ਸਿੰਘ) ਪੇਂਡੂ ਵਿਕਾਸ ਅਤੇ ਪੰਚਾਇਤ ਵਿਭਾਗ ਪੰਜਾਬ ਵਿਚ ਕੰਮ ਕਰਦੇ ਨਰੇਗਾ ਕਰਮਚਾਰੀਆਂ ਨੇ ਵਿਭਾਗ ਵਿਚ ਮਰਜ਼ ਕਰ ਕੇ ਰੈਗੂਲਰ ਕਰਨ ਦੀ ਮੰਗ ਨੂੰ ਲੈ ਕੇ ਮੰਗ ਪੱਤਰ ਸੌਂਪਿਆ। ਯੂਨੀਅਨ ਦੇ ਆਗੂਆਂ ਨੇ ਕਿਹਾ ਕਿ ਪਿਛਲੇ ਕਈ ਸਾਲਾਂ ਤੋਂ ਕਰਮਚਾਰੀ ਠੇਕੇ ਤੇ ਕੰਮ ਕਰ ਰਹੇ ਹਨ ਅਤੇ ਉਨ੍ਹਾਂ ਨੂੰ ਪੂਰੀਆਂ ਤਨਖਾਹਾਂ ਨਹੀਂ ਮਿਲ ਰਹੀਆਂ। ਉਨ੍ਹਾਂ ਮੰਗ ਕੀਤੀ ਕਿ ਸਰਕਾਰ 2017 ਦੀ ਨੀਤੀ ਅਨੁਸਾਰ ਕਰਮਚਾਰੀਆਂ ਨੂੰ ਪੱਕਾ ਕਰੇ। ਜੇਕਰ ਮੰਗਾਂ ਨਾ ਮੰਨੀਆਂ ਗਈਆਂ ਤਾਂ ਸੰਘਰਸ਼ ਤੇਜ਼ ਕੀਤਾ ਜਾਵੇਗਾ। ਇਸ ਮੌਕੇ ਜ਼ਿਲ੍ਹੇ ਭਰ ਦੇ ਕਰਮਚਾਰੀ ਹਾਜ਼ਰ ਸਨ ਅਤੇ ਉਨ੍ਹਾਂ ਨੇ ਪ੍ਰਸ਼ਾਸਨ ਰਾਹੀਂ ਮੁੱਖ ਮੰਤਰੀ ਨੂੰ ਮੰਗ ਪੱਤਰ ਭੇਜਿਆ।
ਬਰਨਾਲਾ, 22 ਦਸੰਬਰ (ਕੁਲਦੀਪ ਸਿੰਘ) ਪੇਂਡੂ ਵਿਕਾਸ ਅਤੇ ਪੰਚਾਇਤ ਵਿਭਾਗ ਪੰਜਾਬ ਵਿਚ ਕੰਮ ਕਰਦੇ ਨਰੇਗਾ ਕਰਮਚਾਰੀਆਂ ਨੇ ਵਿਭਾਗ ਵਿਚ ਮਰਜ਼ ਕਰ ਕੇ ਰੈਗੂਲਰ ਕਰਨ ਦੀ ਮੰਗ ਨੂੰ ਲੈ ਕੇ ਮੰਗ ਪੱਤਰ ਸੌਂਪਿਆ। ਯੂਨੀਅਨ ਦੇ ਆਗੂਆਂ ਨੇ ਕਿਹਾ ਕਿ ਪਿਛਲੇ ਕਈ ਸਾਲਾਂ ਤੋਂ ਕਰਮਚਾਰੀ ਠੇਕੇ ਤੇ ਕੰਮ ਕਰ ਰਹੇ ਹਨ ਅਤੇ ਉਨ੍ਹਾਂ ਨੂੰ ਪੂਰੀਆਂ ਤਨਖਾਹਾਂ ਨਹੀਂ ਮਿਲ ਰਹੀਆਂ। ਉਨ੍ਹਾਂ ਮੰਗ ਕੀਤੀ ਕਿ ਸਰਕਾਰ 2017 ਦੀ ਨੀਤੀ ਅਨੁਸਾਰ ਕਰਮਚਾਰੀਆਂ ਨੂੰ ਪੱਕਾ ਕਰੇ। ਜੇਕਰ ਮੰਗਾਂ ਨਾ ਮੰਨੀਆਂ ਗਈਆਂ ਤਾਂ ਸੰਘਰਸ਼ ਤੇਜ਼ ਕੀਤਾ ਜਾਵੇਗਾ। ਇਸ ਮੌਕੇ ਜ਼ਿਲ੍ਹੇ ਭਰ ਦੇ ਕਰਮਚਾਰੀ ਹਾਜ਼ਰ ਸਨ ਅਤੇ ਉਨ੍ਹਾਂ ਨੇ ਪ੍ਰਸ਼ਾਸਨ ਰਾਹੀਂ ਮੁੱਖ ਮੰਤਰੀ ਨੂੰ ਮੰਗ ਪੱਤਰ ਭੇਜਿਆ।
ਬਰਨਾਲਾ, 22 ਦਸੰਬਰ (ਕੁਲਦੀਪ ਸਿੰਘ) ਪੇਂਡੂ ਵਿਕਾਸ ਅਤੇ ਪੰਚਾਇਤ ਵਿਭਾਗ ਪੰਜਾਬ ਵਿਚ ਕੰਮ ਕਰਦੇ ਨਰੇਗਾ ਕਰਮਚਾਰੀਆਂ ਨੇ ਵਿਭਾਗ ਵਿਚ ਮਰਜ਼ ਕਰ ਕੇ ਰੈਗੂਲਰ ਕਰਨ ਦੀ ਮੰਗ ਨੂੰ ਲੈ ਕੇ ਮੰਗ ਪੱਤਰ ਸੌਂਪਿਆ। ਯੂਨੀਅਨ ਦੇ ਆਗੂਆਂ ਨੇ ਕਿਹਾ ਕਿ ਪਿਛਲੇ ਕਈ ਸਾਲਾਂ ਤੋਂ ਕਰਮਚਾਰੀ ਠੇਕੇ ਤੇ ਕੰਮ ਕਰ ਰਹੇ ਹਨ ਅਤੇ ਉਨ੍ਹਾਂ ਨੂੰ ਪੂਰੀਆਂ ਤਨਖਾਹਾਂ ਨਹੀਂ ਮਿਲ ਰਹੀਆਂ। ਉਨ੍ਹਾਂ ਮੰਗ ਕੀਤੀ ਕਿ ਸਰਕਾਰ 2017 ਦੀ ਨੀਤੀ ਅਨੁਸਾਰ ਕਰਮਚਾਰੀਆਂ ਨੂੰ ਪੱਕਾ ਕਰੇ। ਜੇਕਰ ਮੰਗਾਂ ਨਾ ਮੰਨੀਆਂ ਗਈਆਂ ਤਾਂ ਸੰਘਰਸ਼ ਤੇਜ਼ ਕੀਤਾ ਜਾਵੇਗਾ। ਇਸ ਮੌਕੇ ਜ਼ਿਲ੍ਹੇ ਭਰ ਦੇ ਕਰਮਚਾਰੀ ਹਾਜ਼ਰ ਸਨ ਅਤੇ ਉਨ੍ਹਾਂ ਨੇ ਪ੍ਰਸ਼ਾਸਨ ਰਾਹੀਂ ਮੁੱਖ ਮੰਤਰੀ ਨੂੰ ਮੰਗ ਪੱਤਰ ਭੇਜਿਆ।
